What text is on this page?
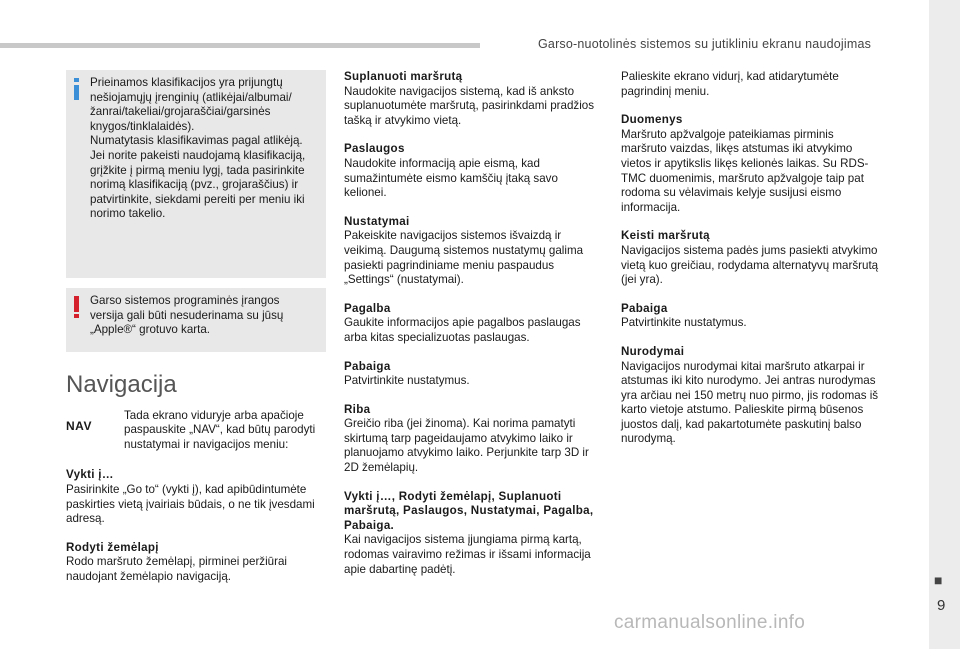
Garso-nuotolinės sistemos su jutikliniu ekranu naudojimas
■
9

Prieinamos klasifikacijos yra prijungtų nešiojamųjų įrenginių (atlikėjai/albumai/žanrai/takeliai/grojaraščiai/garsinės knygos/tinklalaidės).

Numatytasis klasifikavimas pagal atlikėją. Jei norite pakeisti naudojamą klasifikaciją, grįžkite į pirmą meniu lygį, tada pasirinkite norimą klasifikaciją (pvz., grojaraščius) ir patvirtinkite, siekdami pereiti per meniu iki norimo takelio.

Garso sistemos programinės įrangos versija gali būti nesuderinama su jūsų „Apple®“ grotuvo karta.

Navigacija
NAV
Tada ekrano viduryje arba apačioje paspauskite „NAV“, kad būtų parodyti nustatymai ir navigacijos meniu:
Vykti į…

Pasirinkite „Go to“ (vykti į), kad apibūdintumėte paskirties vietą įvairiais būdais, o ne tik įvesdami adresą.

Rodyti žemėlapį

Rodo maršruto žemėlapį, pirminei peržiūrai naudojant žemėlapio navigaciją.

Suplanuoti maršrutą

Naudokite navigacijos sistemą, kad iš anksto suplanuotumėte maršrutą, pasirinkdami pradžios tašką ir atvykimo vietą.

Paslaugos

Naudokite informaciją apie eismą, kad sumažintumėte eismo kamščių įtaką savo kelionei.

Nustatymai

Pakeiskite navigacijos sistemos išvaizdą ir veikimą. Daugumą sistemos nustatymų galima pasiekti pagrindiniame meniu paspaudus „Settings“ (nustatymai).

Pagalba

Gaukite informacijos apie pagalbos paslaugas arba kitas specializuotas paslaugas.

Pabaiga

Patvirtinkite nustatymus.

Riba

Greičio riba (jei žinoma). Kai norima pamatyti skirtumą tarp pageidaujamo atvykimo laiko ir planuojamo atvykimo laiko. Perjunkite tarp 3D ir 2D žemėlapių.

Vykti į…, Rodyti žemėlapį, Suplanuoti maršrutą, Paslaugos, Nustatymai, Pagalba, Pabaiga.

Kai navigacijos sistema įjungiama pirmą kartą, rodomas vairavimo režimas ir išsami informacija apie dabartinę padėtį.

Palieskite ekrano vidurį, kad atidarytumėte pagrindinį meniu.

Duomenys

Maršruto apžvalgoje pateikiamas pirminis maršruto vaizdas, likęs atstumas iki atvykimo vietos ir apytikslis likęs kelionės laikas. Su RDS-TMC duomenimis, maršruto apžvalgoje taip pat rodoma su vėlavimais kelyje susijusi eismo informacija.

Keisti maršrutą

Navigacijos sistema padės jums pasiekti atvykimo vietą kuo greičiau, rodydama alternatyvų maršrutą (jei yra).

Pabaiga

Patvirtinkite nustatymus.

Nurodymai

Navigacijos nurodymai kitai maršruto atkarpai ir atstumas iki kito nurodymo. Jei antras nurodymas yra arčiau nei 150 metrų nuo pirmo, jis rodomas iš karto vietoje atstumo. Palieskite pirmą būsenos juostos dalį, kad pakartotumėte paskutinį balso nurodymą.

carmanualsonline.info
